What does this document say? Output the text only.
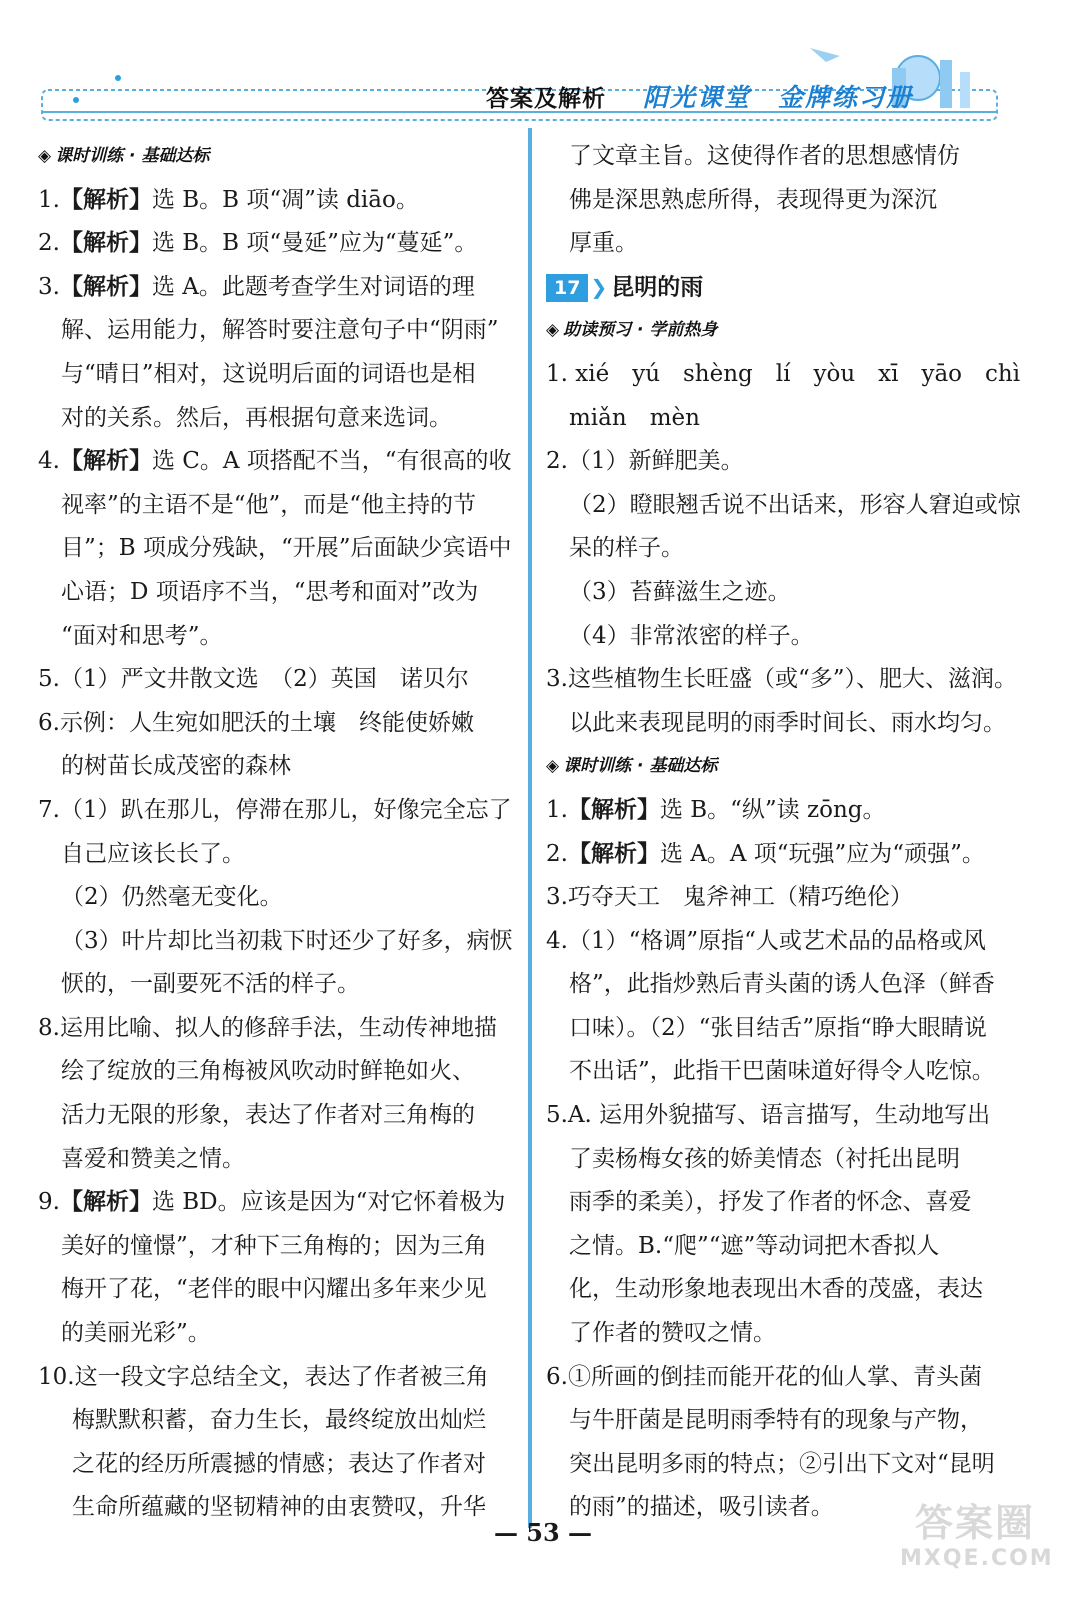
答案及解析 阳光课堂　金牌练习册
◈ 课时训练 · 基础达标
1.【解析】选 B。B 项“凋”读 diāo。
2.【解析】选 B。B 项“曼延”应为“蔓延”。
3.【解析】选 A。此题考查学生对词语的理
解、运用能力，解答时要注意句子中“阴雨”
与“晴日”相对，这说明后面的词语也是相
对的关系。然后，再根据句意来选词。
4.【解析】选 C。A 项搭配不当，“有很高的收
视率”的主语不是“他”，而是“他主持的节
目”；B 项成分残缺，“开展”后面缺少宾语中
心语；D 项语序不当，“思考和面对”改为
“面对和思考”。
5.（1）严文井散文选　（2）英国　诺贝尔
6.示例：人生宛如肥沃的土壤　终能使娇嫩
的树苗长成茂密的森林
7.（1）趴在那儿，停滞在那儿，好像完全忘了
自己应该长长了。
（2）仍然毫无变化。
（3）叶片却比当初栽下时还少了好多，病恹
恹的，一副要死不活的样子。
8.运用比喻、拟人的修辞手法，生动传神地描
绘了绽放的三角梅被风吹动时鲜艳如火、
活力无限的形象，表达了作者对三角梅的
喜爱和赞美之情。
9.【解析】选 BD。应该是因为“对它怀着极为
美好的憧憬”，才种下三角梅的；因为三角
梅开了花，“老伴的眼中闪耀出多年来少见
的美丽光彩”。
10.这一段文字总结全文，表达了作者被三角
梅默默积蓄，奋力生长，最终绽放出灿烂
之花的经历所震撼的情感；表达了作者对
生命所蕴藏的坚韧精神的由衷赞叹，升华
了文章主旨。这使得作者的思想感情仿
佛是深思熟虑所得，表现得更为深沉
厚重。
17 ❯ 昆明的雨
◈ 助读预习 · 学前热身
1. xié　yú　shèng　lí　yòu　xī　yāo　chì
miǎn　mèn
2.（1）新鲜肥美。
（2）瞪眼翘舌说不出话来，形容人窘迫或惊
呆的样子。
（3）苔藓滋生之迹。
（4）非常浓密的样子。
3.这些植物生长旺盛（或“多”）、肥大、滋润。
以此来表现昆明的雨季时间长、雨水均匀。
◈ 课时训练 · 基础达标
1.【解析】选 B。“纵”读 zōng。
2.【解析】选 A。A 项“玩强”应为“顽强”。
3.巧夺天工　鬼斧神工（精巧绝伦）
4.（1）“格调”原指“人或艺术品的品格或风
格”，此指炒熟后青头菌的诱人色泽（鲜香
口味）。（2）“张目结舌”原指“睁大眼睛说
不出话”，此指干巴菌味道好得令人吃惊。
5.A. 运用外貌描写、语言描写，生动地写出
了卖杨梅女孩的娇美情态（衬托出昆明
雨季的柔美），抒发了作者的怀念、喜爱
之情。B.“爬”“遮”等动词把木香拟人
化，生动形象地表现出木香的茂盛，表达
了作者的赞叹之情。
6.①所画的倒挂而能开花的仙人掌、青头菌
与牛肝菌是昆明雨季特有的现象与产物，
突出昆明多雨的特点；②引出下文对“昆明
的雨”的描述，吸引读者。
— 53 —	答案圈
MXQE.COM
